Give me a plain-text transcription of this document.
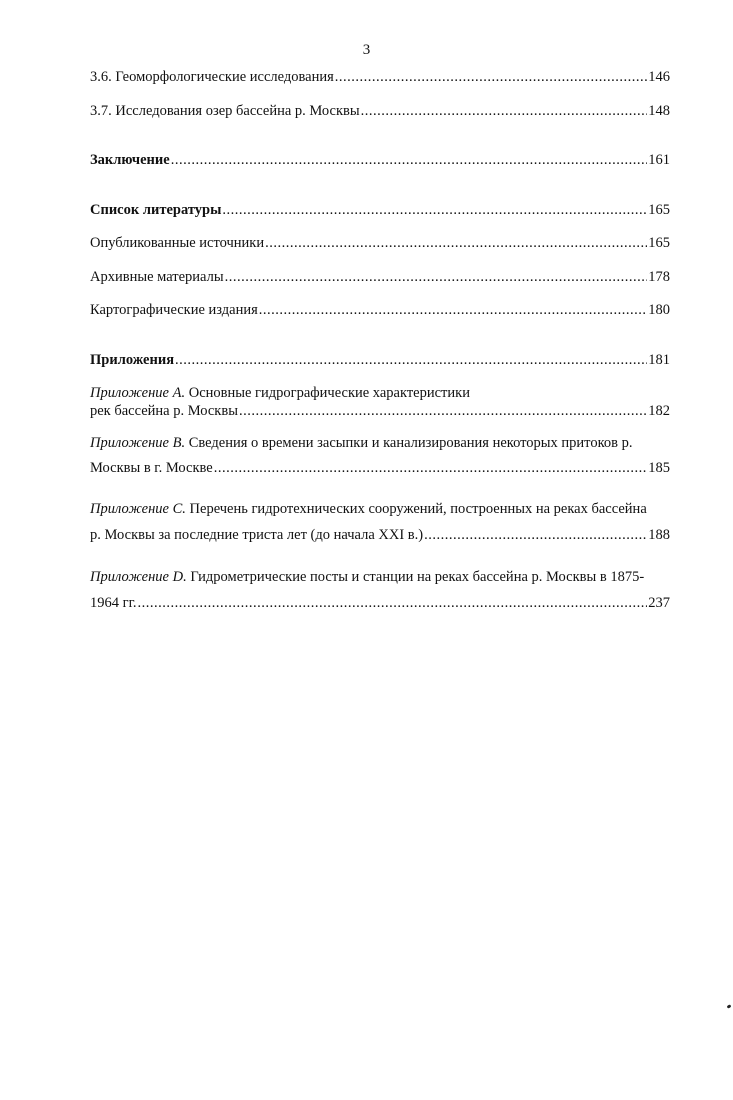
3
3.6. Геоморфологические исследования .....	146
3.7. Исследования озер бассейна р. Москвы .....	148
Заключение .....	161
Список литературы .....	165
Опубликованные источники .....	165
Архивные материалы .....	178
Картографические издания .....	180
Приложения .....	181
Приложение A. Основные гидрографические характеристики
рек бассейна р. Москвы .....	182
Приложение B. Сведения о времени засыпки и канализирования некоторых притоков р.
Москвы в г. Москве .....	185
Приложение C. Перечень гидротехнических сооружений, построенных на реках бассейна
р. Москвы за последние триста лет (до начала XXI в.) .....	188
Приложение D. Гидрометрические посты и станции на реках бассейна р. Москвы в 1875-
1964 гг. .....	237
